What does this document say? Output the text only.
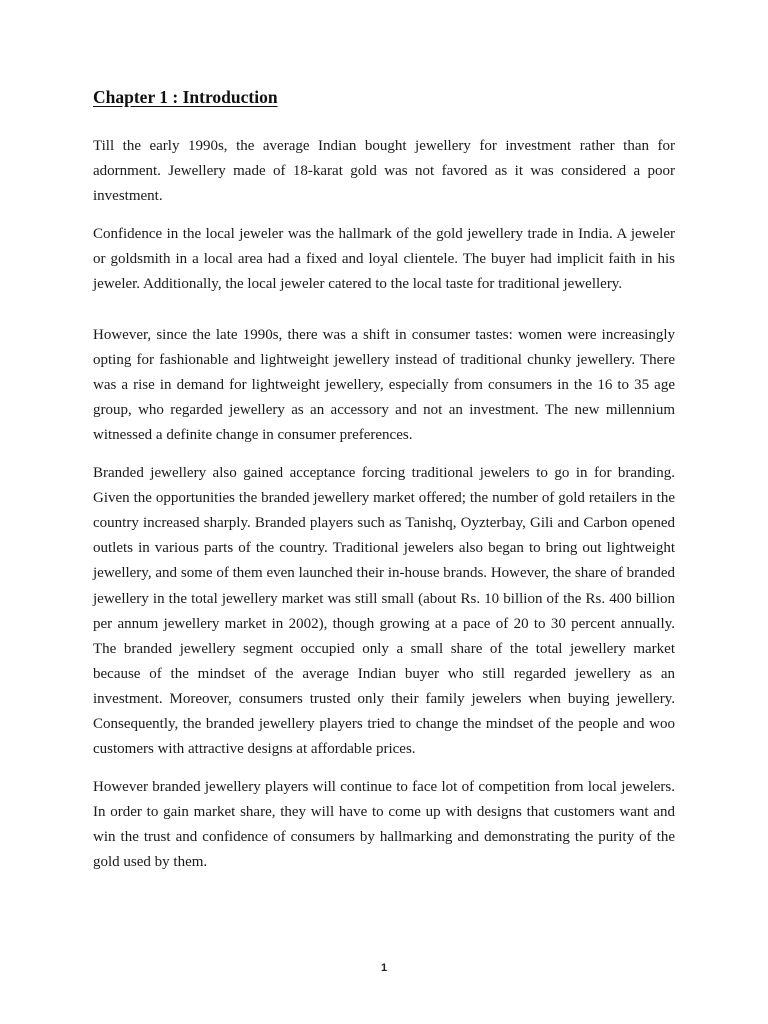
Chapter 1 : Introduction

Till the early 1990s, the average Indian bought jewellery for investment rather than for adornment. Jewellery made of 18-karat gold was not favored as it was considered a poor investment.

Confidence in the local jeweler was the hallmark of the gold jewellery trade in India. A jeweler or goldsmith in a local area had a fixed and loyal clientele. The buyer had implicit faith in his jeweler. Additionally, the local jeweler catered to the local taste for traditional jewellery.

However, since the late 1990s, there was a shift in consumer tastes: women were increasingly opting for fashionable and lightweight jewellery instead of traditional chunky jewellery. There was a rise in demand for lightweight jewellery, especially from consumers in the 16 to 35 age group, who regarded jewellery as an accessory and not an investment. The new millennium witnessed a definite change in consumer preferences.

Branded jewellery also gained acceptance forcing traditional jewelers to go in for branding. Given the opportunities the branded jewellery market offered; the number of gold retailers in the country increased sharply. Branded players such as Tanishq, Oyzterbay, Gili and Carbon opened outlets in various parts of the country. Traditional jewelers also began to bring out lightweight jewellery, and some of them even launched their in-house brands. However, the share of branded jewellery in the total jewellery market was still small (about Rs. 10 billion of the Rs. 400 billion per annum jewellery market in 2002), though growing at a pace of 20 to 30 percent annually. The branded jewellery segment occupied only a small share of the total jewellery market because of the mindset of the average Indian buyer who still regarded jewellery as an investment. Moreover, consumers trusted only their family jewelers when buying jewellery. Consequently, the branded jewellery players tried to change the mindset of the people and woo customers with attractive designs at affordable prices.

However branded jewellery players will continue to face lot of competition from local jewelers. In order to gain market share, they will have to come up with designs that customers want and win the trust and confidence of consumers by hallmarking and demonstrating the purity of the gold used by them.

1
